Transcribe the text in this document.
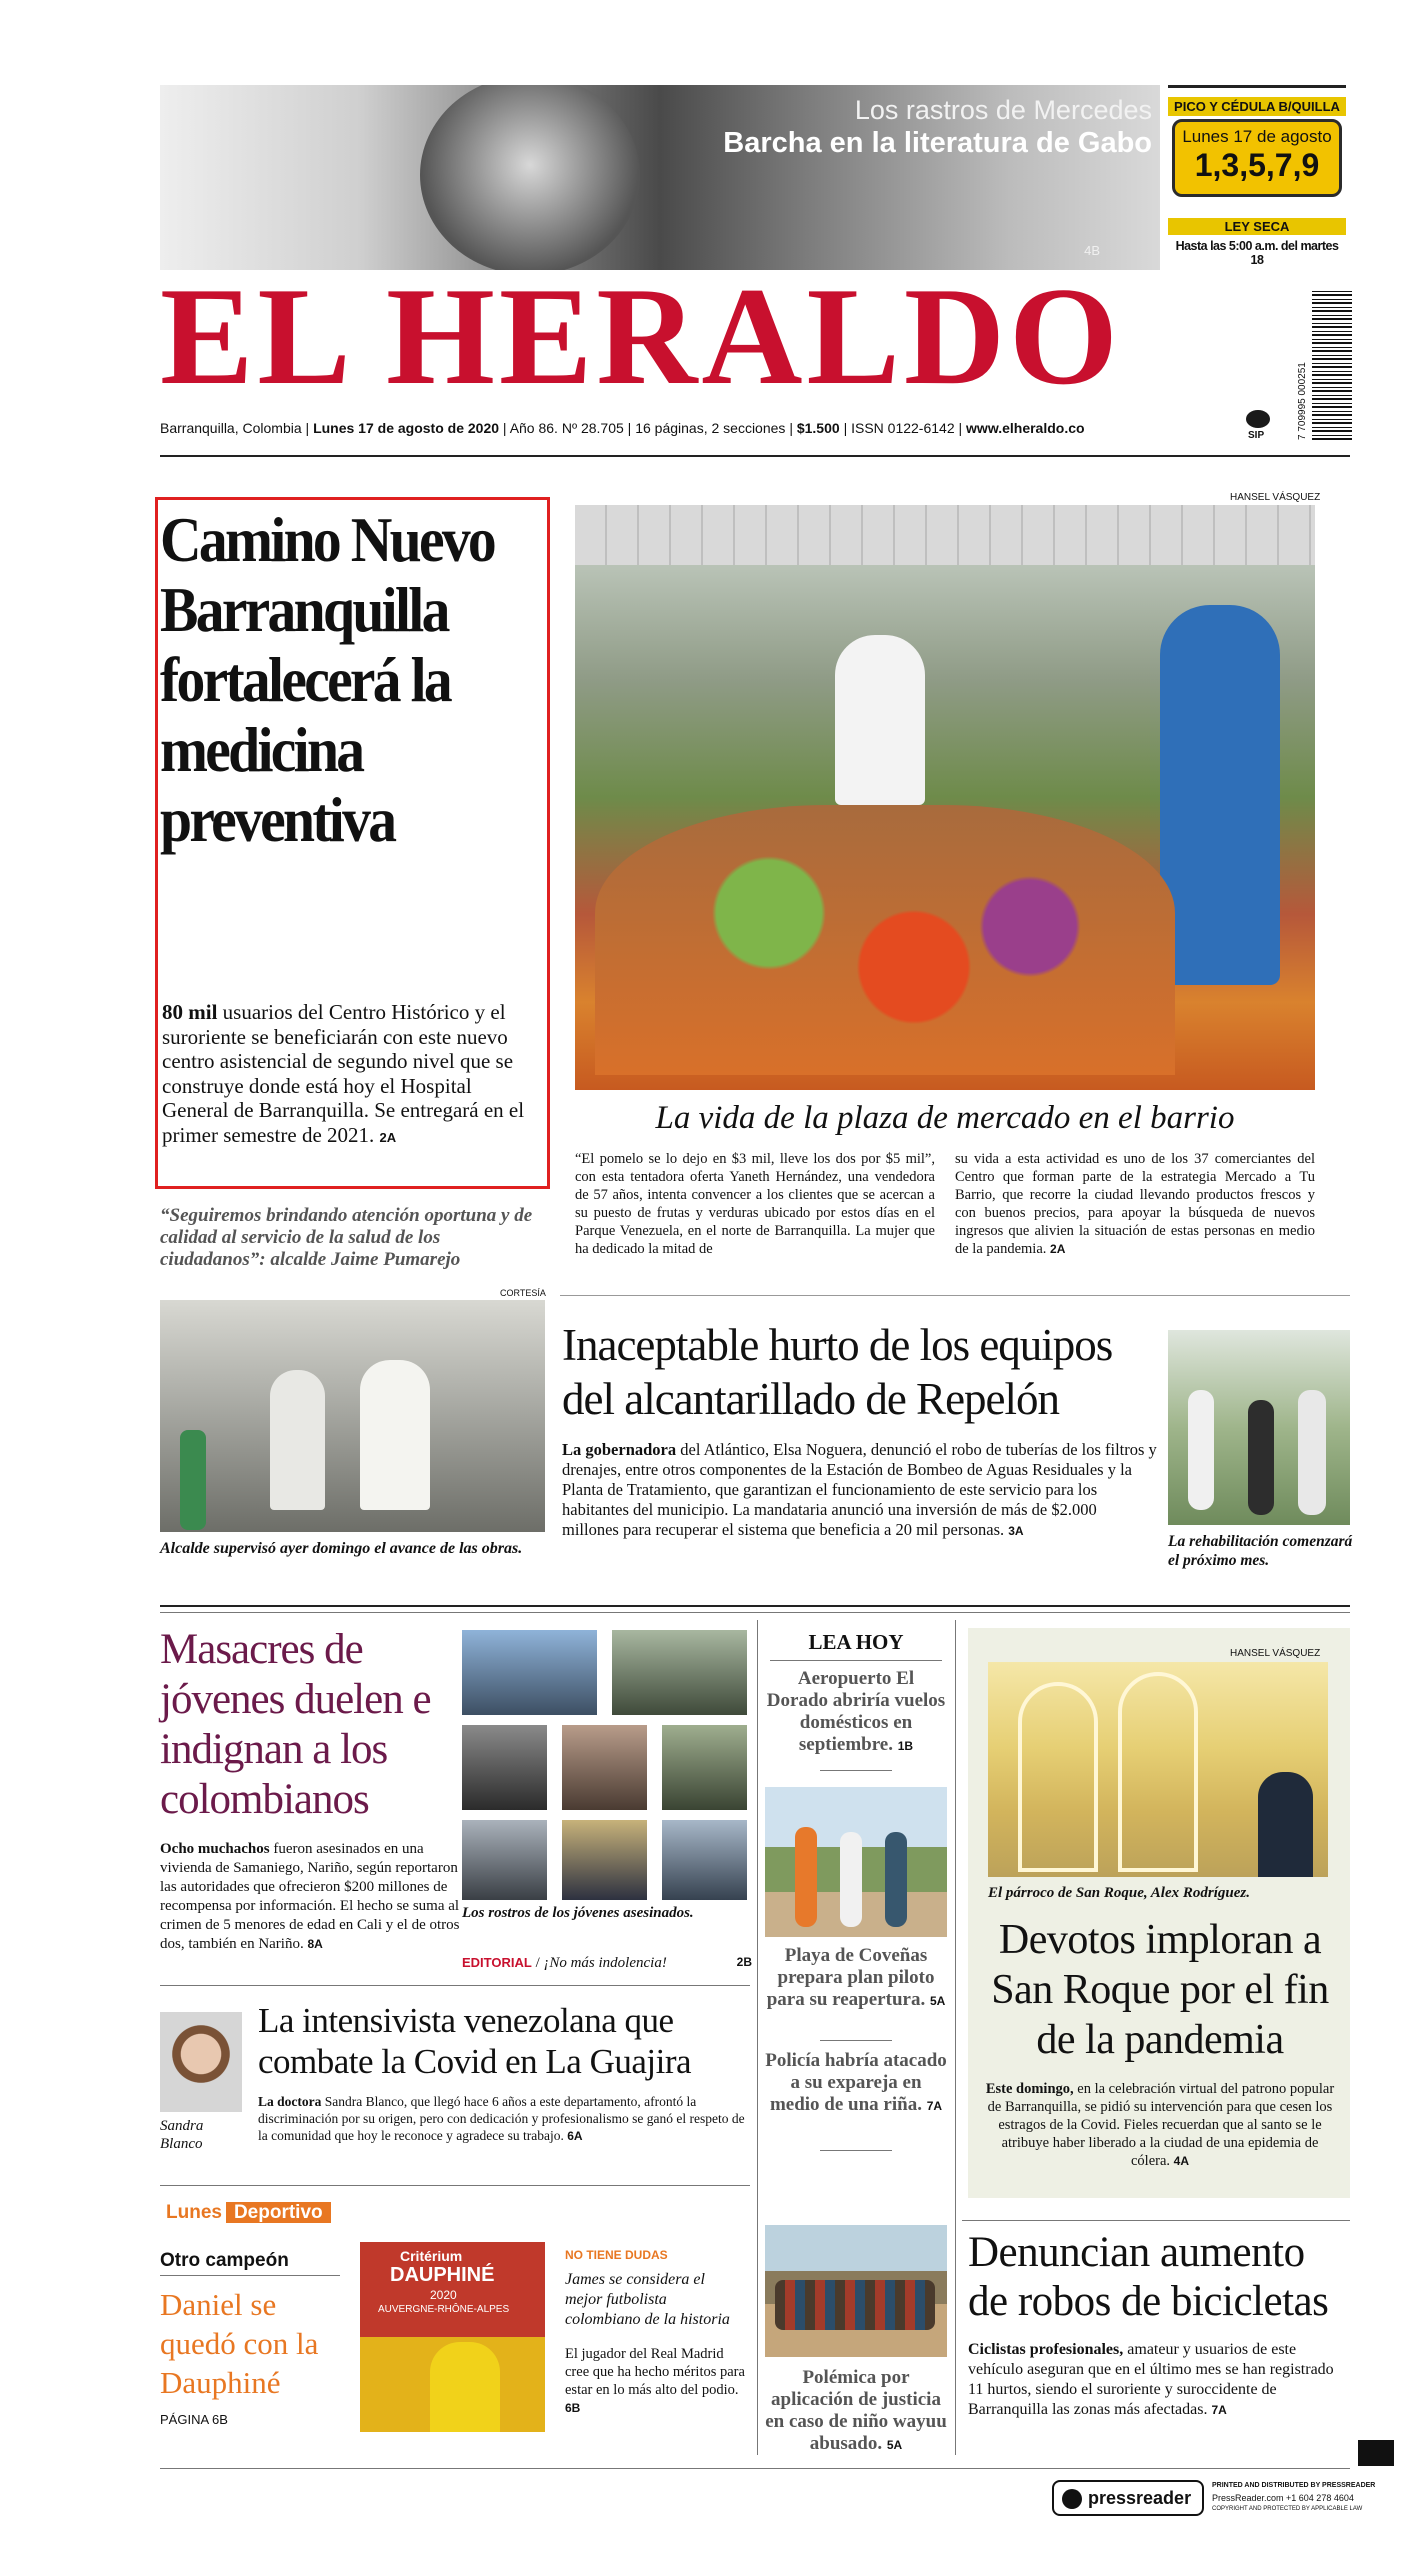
Los rastros de Mercedes
Barcha en la literatura de Gabo
4B
PICO Y CÉDULA B/QUILLA
Lunes 17 de agosto
1,3,5,7,9
LEY SECA
Hasta las 5:00 a.m. del martes 18
EL HERALDO	7 709995 000251
Barranquilla, Colombia | Lunes 17 de agosto de 2020 | Año 86. Nº 28.705 | 16 páginas, 2 secciones | $1.500 | ISSN 0122-6142 | www.elheraldo.co	SIP
Camino Nuevo Barranquilla fortalecerá la medicina preventiva

80 mil usuarios del Centro Histórico y el suroriente se beneficiarán con este nuevo centro asistencial de segundo nivel que se construye donde está hoy el Hospital General de Barranquilla. Se entregará en el primer semestre de 2021. 2A

“Seguiremos brindando atención oportuna y de calidad al servicio de la salud de los ciudadanos”: alcalde Jaime Pumarejo

CORTESÍA
Alcalde supervisó ayer domingo el avance de las obras.
HANSEL VÁSQUEZ
La vida de la plaza de mercado en el barrio

“El pomelo se lo dejo en $3 mil, lleve los dos por $5 mil”, con esta tentadora oferta Yaneth Hernández, una vendedora de 57 años, intenta convencer a los clientes que se acercan a su puesto de frutas y verduras ubicado por estos días en el Parque Venezuela, en el norte de Barranquilla. La mujer que ha dedicado la mitad de

su vida a esta actividad es uno de los 37 comerciantes del Centro que forman parte de la estrategia Mercado a Tu Barrio, que recorre la ciudad llevando productos frescos y con buenos precios, para apoyar la búsqueda de nuevos ingresos que alivien la situación de estas personas en medio de la pandemia. 2A

Inaceptable hurto de los equipos del alcantarillado de Repelón

La gobernadora del Atlántico, Elsa Noguera, denunció el robo de tuberías de los filtros y drenajes, entre otros componentes de la Estación de Bombeo de Aguas Residuales y la Planta de Tratamiento, que garantizan el funcionamiento de este servicio para los habitantes del municipio. La mandataria anunció una inversión de más de $2.000 millones para recuperar el sistema que beneficia a 20 mil personas. 3A

La rehabilitación comenzará el próximo mes.
Masacres de jóvenes duelen e indignan a los colombianos

Ocho muchachos fueron asesinados en una vivienda de Samaniego, Nariño, según reportaron las autoridades que ofrecieron $200 millones de recompensa por información. El hecho se suma al crimen de 5 menores de edad en Cali y el de otros dos, también en Nariño. 8A

Los rostros de los jóvenes asesinados.
EDITORIAL / ¡No más indolencia!	2B
Sandra
Blanco
La intensivista venezolana que combate la Covid en La Guajira

La doctora Sandra Blanco, que llegó hace 6 años a este departamento, afrontó la discriminación por su origen, pero con dedicación y profesionalismo se ganó el respeto de la comunidad que hoy le reconoce y agradece su trabajo. 6A

Lunes Deportivo
Otro campeón
Daniel se quedó con la Dauphiné
PÁGINA 6B
Critérium
DAUPHINÉ
2020
AUVERGNE-RHÔNE-ALPES
NO TIENE DUDAS
James se considera el mejor futbolista colombiano de la historia

El jugador del Real Madrid cree que ha hecho méritos para estar en lo más alto del podio. 6B

LEA HOY

Aeropuerto El Dorado abriría vuelos domésticos en septiembre. 1B

Playa de Coveñas prepara plan piloto para su reapertura. 5A

Policía habría atacado a su expareja en medio de una riña. 7A

Polémica por aplicación de justicia en caso de niño wayuu abusado. 5A

HANSEL VÁSQUEZ
El párroco de San Roque, Alex Rodríguez.
Devotos imploran a San Roque por el fin de la pandemia

Este domingo, en la celebración virtual del patrono popular de Barranquilla, se pidió su intervención para que cesen los estragos de la Covid. Fieles recuerdan que al santo se le atribuye haber liberado a la ciudad de una epidemia de cólera. 4A

Denuncian aumento de robos de bicicletas

Ciclistas profesionales, amateur y usuarios de este vehículo aseguran que en el último mes se han registrado 11 hurtos, siendo el suroriente y suroccidente de Barranquilla las zonas más afectadas. 7A

pressreader
PRINTED AND DISTRIBUTED BY PRESSREADER
PressReader.com +1 604 278 4604
COPYRIGHT AND PROTECTED BY APPLICABLE LAW
